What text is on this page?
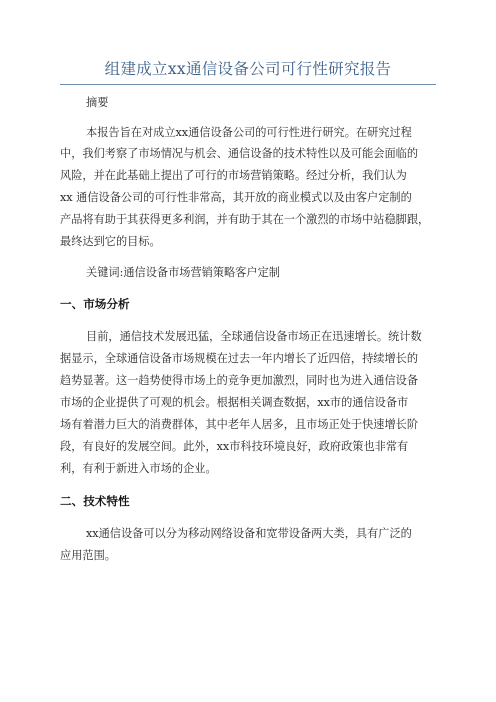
组建成立xx通信设备公司可行性研究报告
摘要
本报告旨在对成立xx通信设备公司的可行性进行研究。在研究过程
中，我们考察了市场情况与机会、通信设备的技术特性以及可能会面临的
风险，并在此基础上提出了可行的市场营销策略。经过分析，我们认为
xx 通信设备公司的可行性非常高，其开放的商业模式以及由客户定制的
产品将有助于其获得更多利润，并有助于其在一个激烈的市场中站稳脚跟，
最终达到它的目标。
关键词:通信设备市场营销策略客户定制
一、市场分析
目前，通信技术发展迅猛，全球通信设备市场正在迅速增长。统计数
据显示，全球通信设备市场规模在过去一年内增长了近四倍，持续增长的
趋势显著。这一趋势使得市场上的竞争更加激烈，同时也为进入通信设备
市场的企业提供了可观的机会。根据相关调查数据，xx市的通信设备市
场有着潜力巨大的消费群体，其中老年人居多，且市场正处于快速增长阶
段，有良好的发展空间。此外，xx市科技环境良好，政府政策也非常有
利，有利于新进入市场的企业。
二、技术特性
xx通信设备可以分为移动网络设备和宽带设备两大类，具有广泛的
应用范围。
